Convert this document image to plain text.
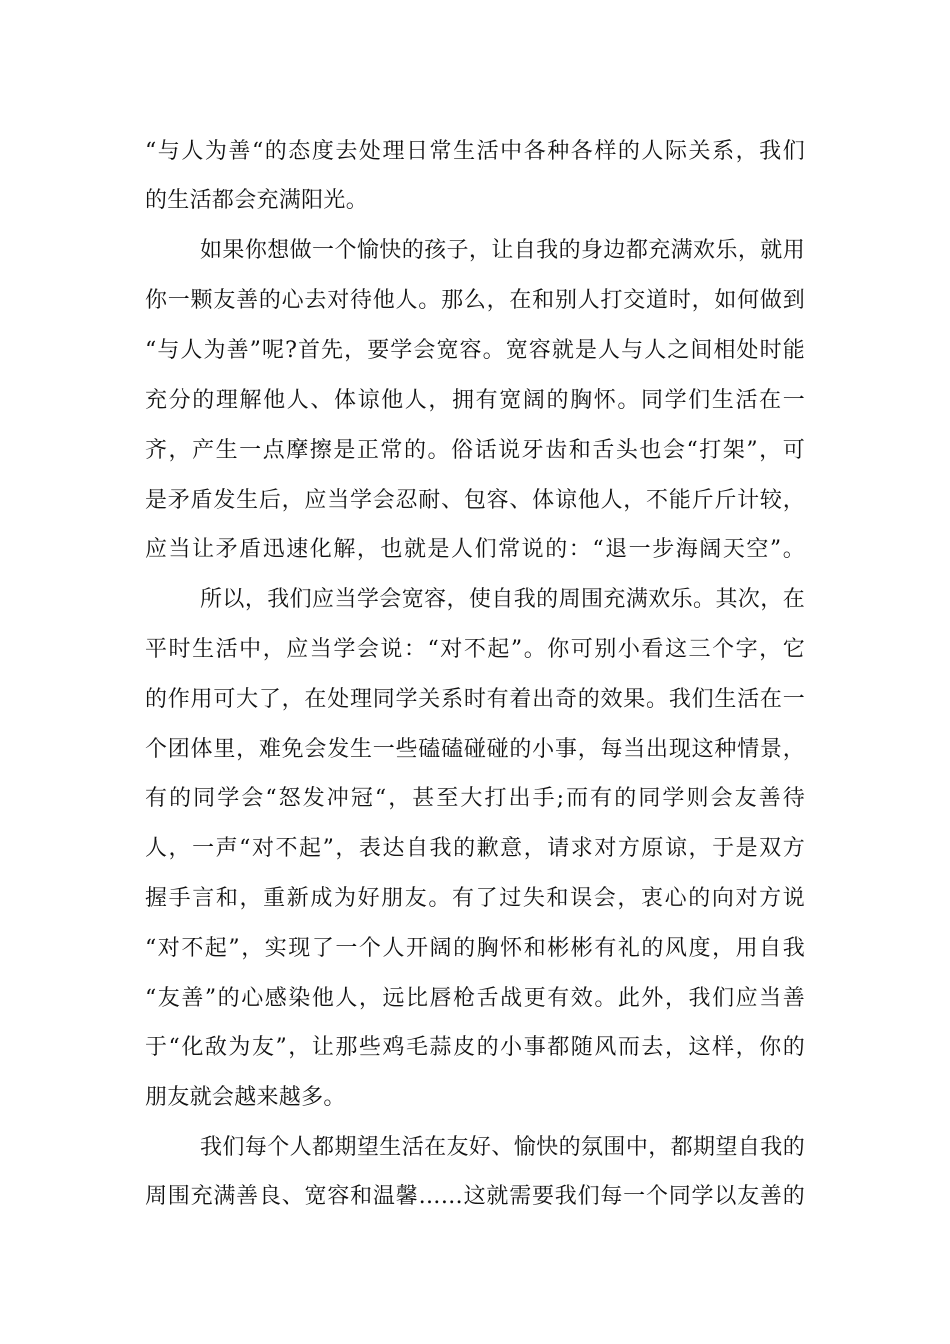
“与人为善“的态度去处理日常生活中各种各样的人际关系，我们
的生活都会充满阳光。
如果你想做一个愉快的孩子，让自我的身边都充满欢乐，就用
你一颗友善的心去对待他人。那么，在和别人打交道时，如何做到
“与人为善”呢?首先，要学会宽容。宽容就是人与人之间相处时能
充分的理解他人、体谅他人，拥有宽阔的胸怀。同学们生活在一
齐，产生一点摩擦是正常的。俗话说牙齿和舌头也会“打架”，可
是矛盾发生后，应当学会忍耐、包容、体谅他人，不能斤斤计较，
应当让矛盾迅速化解，也就是人们常说的：“退一步海阔天空”。
所以，我们应当学会宽容，使自我的周围充满欢乐。其次，在
平时生活中，应当学会说：“对不起”。你可别小看这三个字，它
的作用可大了，在处理同学关系时有着出奇的效果。我们生活在一
个团体里，难免会发生一些磕磕碰碰的小事，每当出现这种情景，
有的同学会“怒发冲冠“，甚至大打出手;而有的同学则会友善待
人，一声“对不起”，表达自我的歉意，请求对方原谅，于是双方
握手言和，重新成为好朋友。有了过失和误会，衷心的向对方说
“对不起”，实现了一个人开阔的胸怀和彬彬有礼的风度，用自我
“友善”的心感染他人，远比唇枪舌战更有效。此外，我们应当善
于“化敌为友”，让那些鸡毛蒜皮的小事都随风而去，这样，你的
朋友就会越来越多。
我们每个人都期望生活在友好、愉快的氛围中，都期望自我的
周围充满善良、宽容和温馨……这就需要我们每一个同学以友善的
